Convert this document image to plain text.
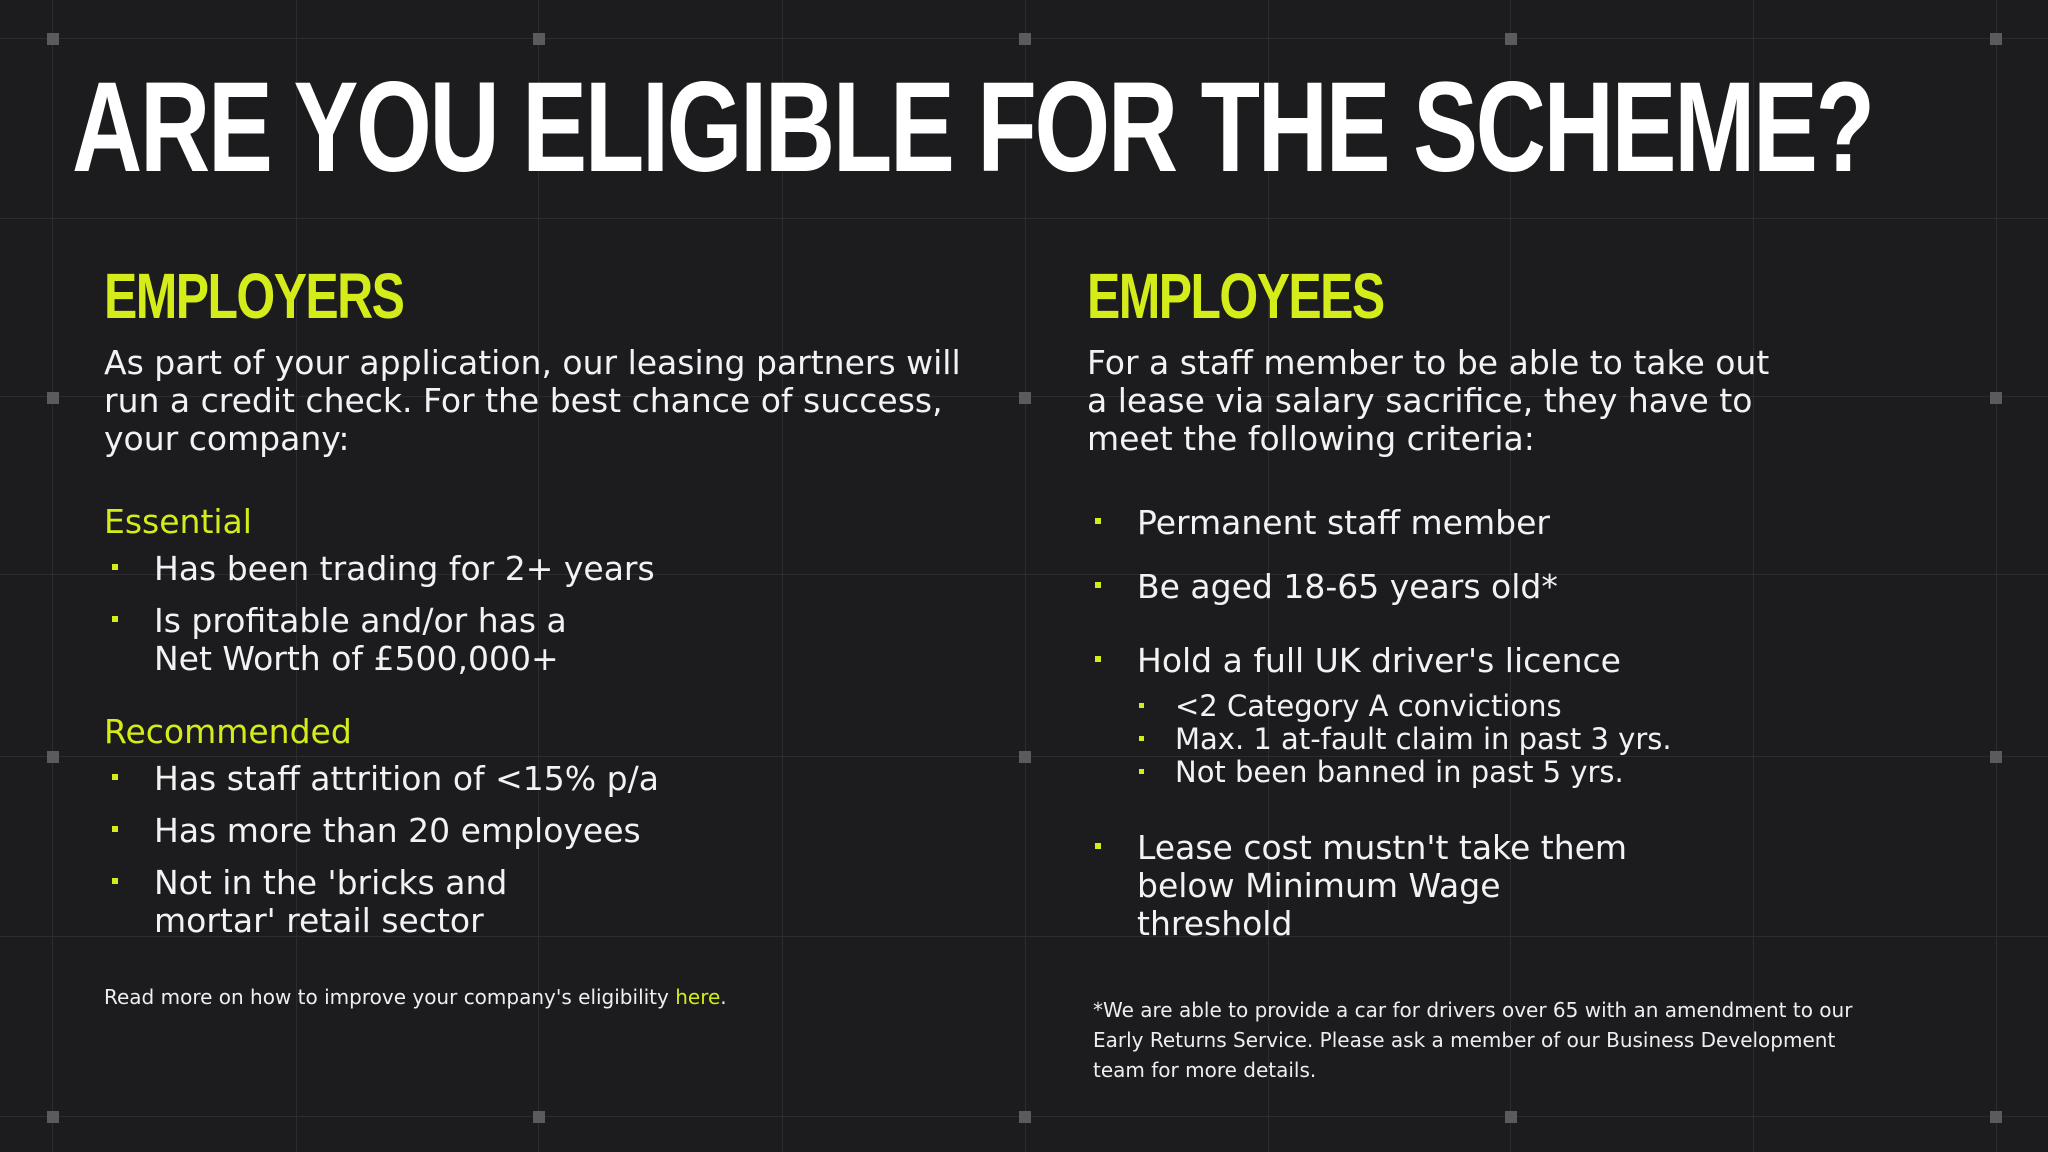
ARE YOU ELIGIBLE FOR THE SCHEME?
EMPLOYERS
As part of your application, our leasing partners will run a credit check. For the best chance of success, your company:
Essential
Has been trading for 2+ years
Is profitable and/or has a Net Worth of £500,000+
Recommended
Has staff attrition of <15% p/a
Has more than 20 employees
Not in the 'bricks and mortar' retail sector
Read more on how to improve your company's eligibility here.
EMPLOYEES
For a staff member to be able to take out a lease via salary sacrifice, they have to meet the following criteria:
Permanent staff member
Be aged 18-65 years old*
Hold a full UK driver's licence
<2 Category A convictions
Max. 1 at-fault claim in past 3 yrs.
Not been banned in past 5 yrs.
Lease cost mustn't take them below Minimum Wage threshold
*We are able to provide a car for drivers over 65 with an amendment to our Early Returns Service. Please ask a member of our Business Development team for more details.
